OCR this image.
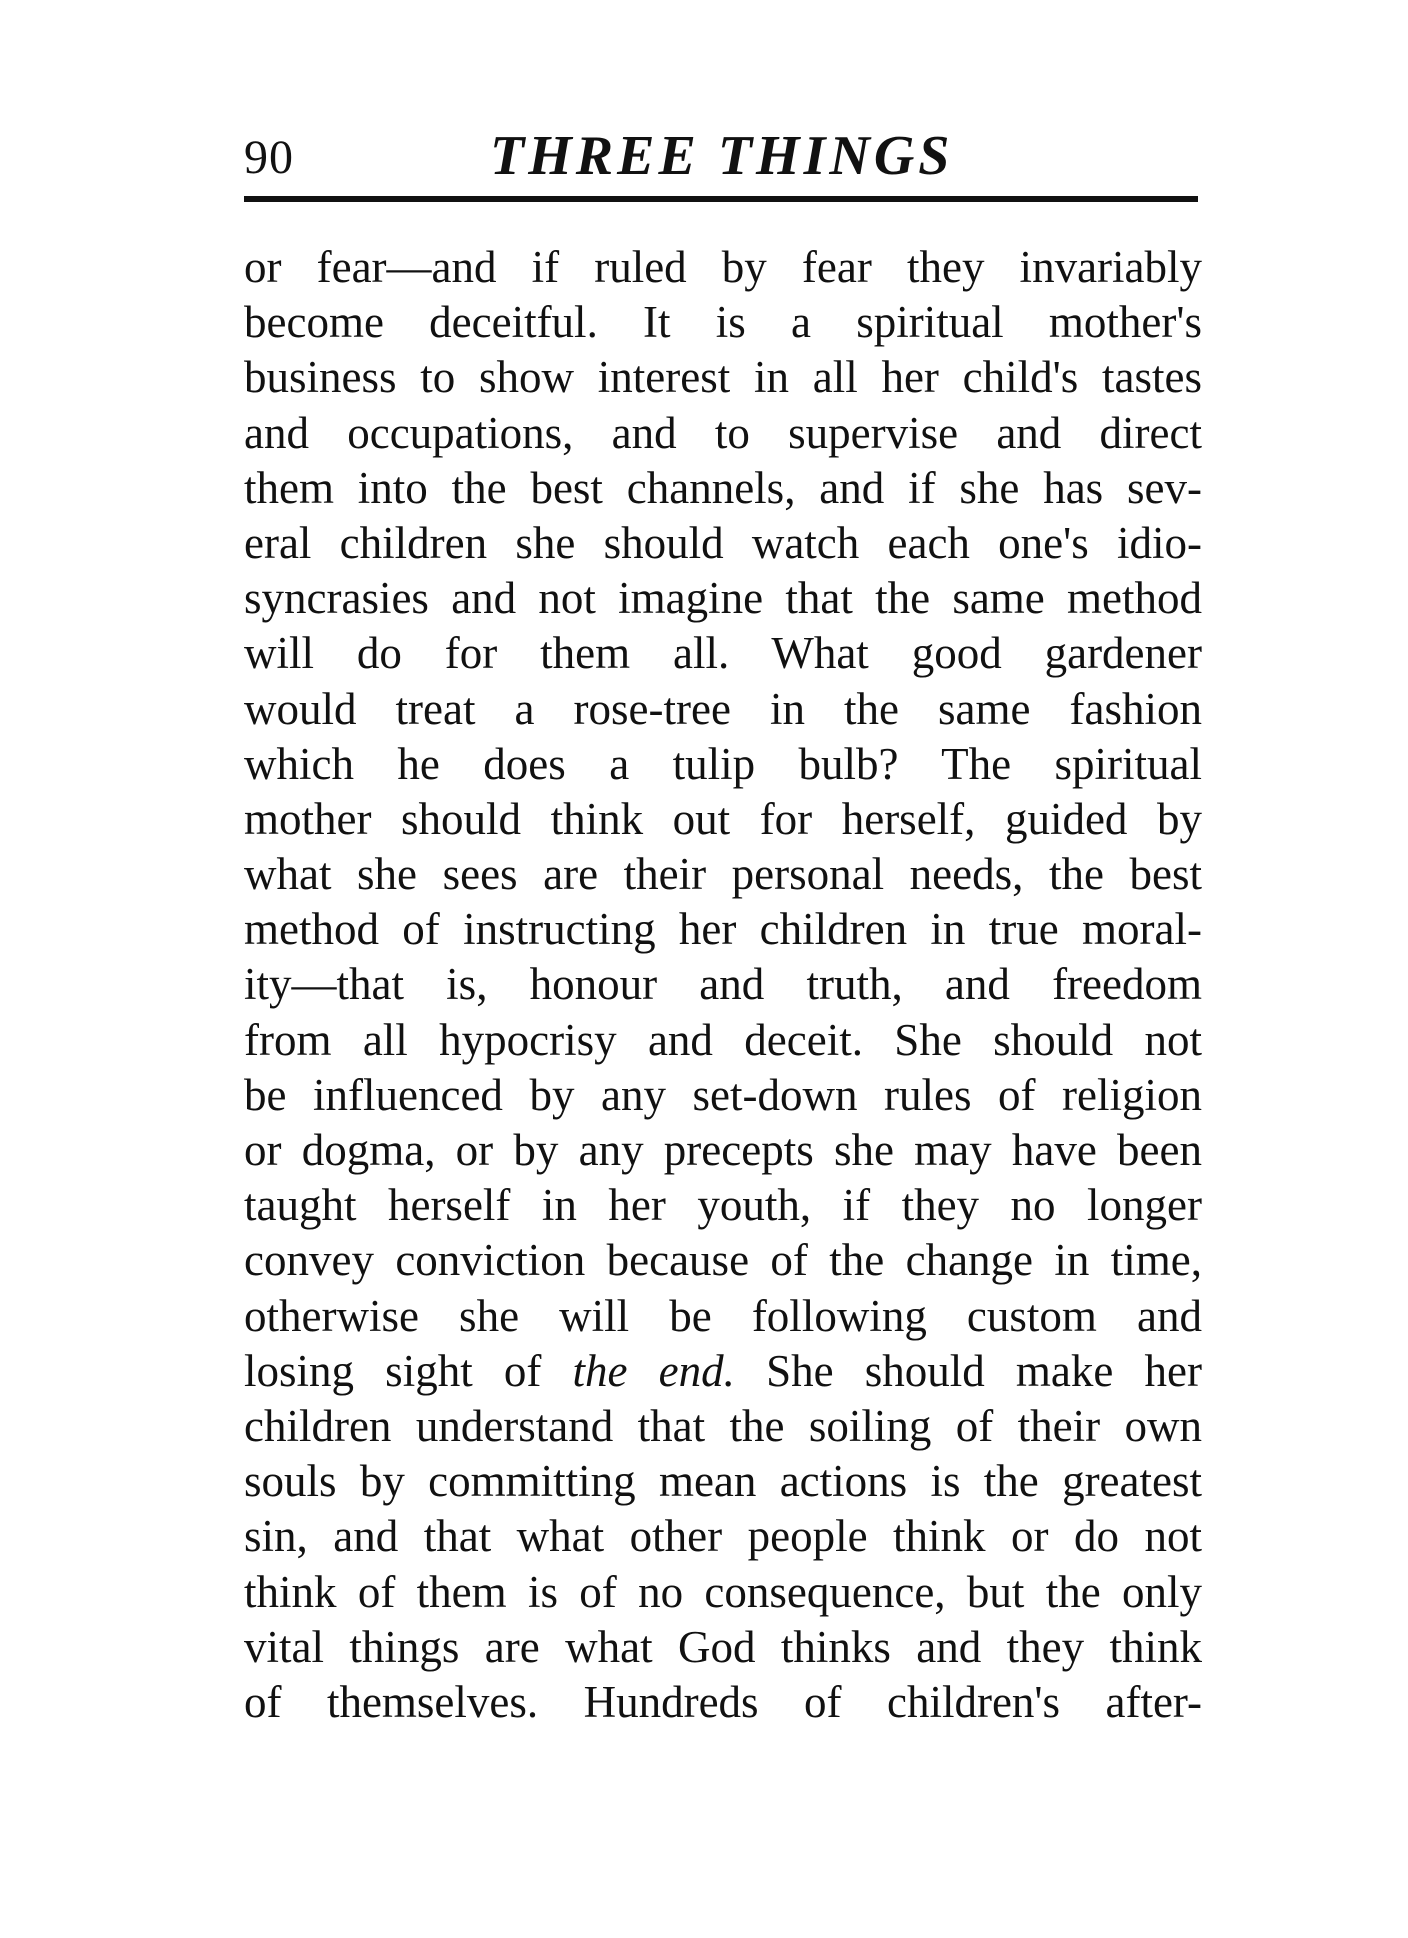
90	THREE THINGS
or fear—and if ruled by fear they invariably
become deceitful. It is a spiritual mother's
business to show interest in all her child's tastes
and occupations, and to supervise and direct
them into the best channels, and if she has sev-
eral children she should watch each one's idio-
syncrasies and not imagine that the same method
will do for them all. What good gardener
would treat a rose-tree in the same fashion
which he does a tulip bulb? The spiritual
mother should think out for herself, guided by
what she sees are their personal needs, the best
method of instructing her children in true moral-
ity—that is, honour and truth, and freedom
from all hypocrisy and deceit. She should not
be influenced by any set-down rules of religion
or dogma, or by any precepts she may have been
taught herself in her youth, if they no longer
convey conviction because of the change in time,
otherwise she will be following custom and
losing sight of the end. She should make her
children understand that the soiling of their own
souls by committing mean actions is the greatest
sin, and that what other people think or do not
think of them is of no consequence, but the only
vital things are what God thinks and they think
of themselves. Hundreds of children's after-
